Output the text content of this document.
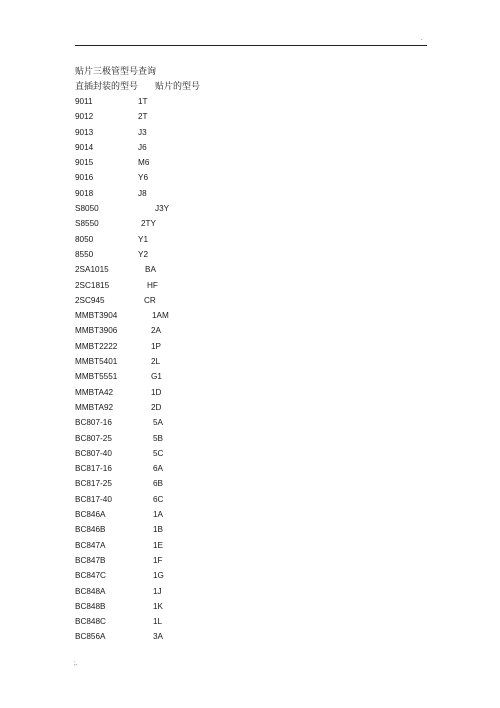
.
贴片三极管型号查询
直插封装的型号 贴片的型号
9011	1T
9012	2T
9013	J3
9014	J6
9015	M6
9016	Y6
9018	J8
S8050	J3Y
S8550	2TY
8050	Y1
8550	Y2
2SA1015	BA
2SC1815	HF
2SC945	CR
MMBT3904	1AM
MMBT3906	2A
MMBT2222	1P
MMBT5401	2L
MMBT5551	G1
MMBTA42	1D
MMBTA92	2D
BC807-16	5A
BC807-25	5B
BC807-40	5C
BC817-16	6A
BC817-25	6B
BC817-40	6C
BC846A	1A
BC846B	1B
BC847A	1E
BC847B	1F
BC847C	1G
BC848A	1J
BC848B	1K
BC848C	1L
BC856A	3A
;.
